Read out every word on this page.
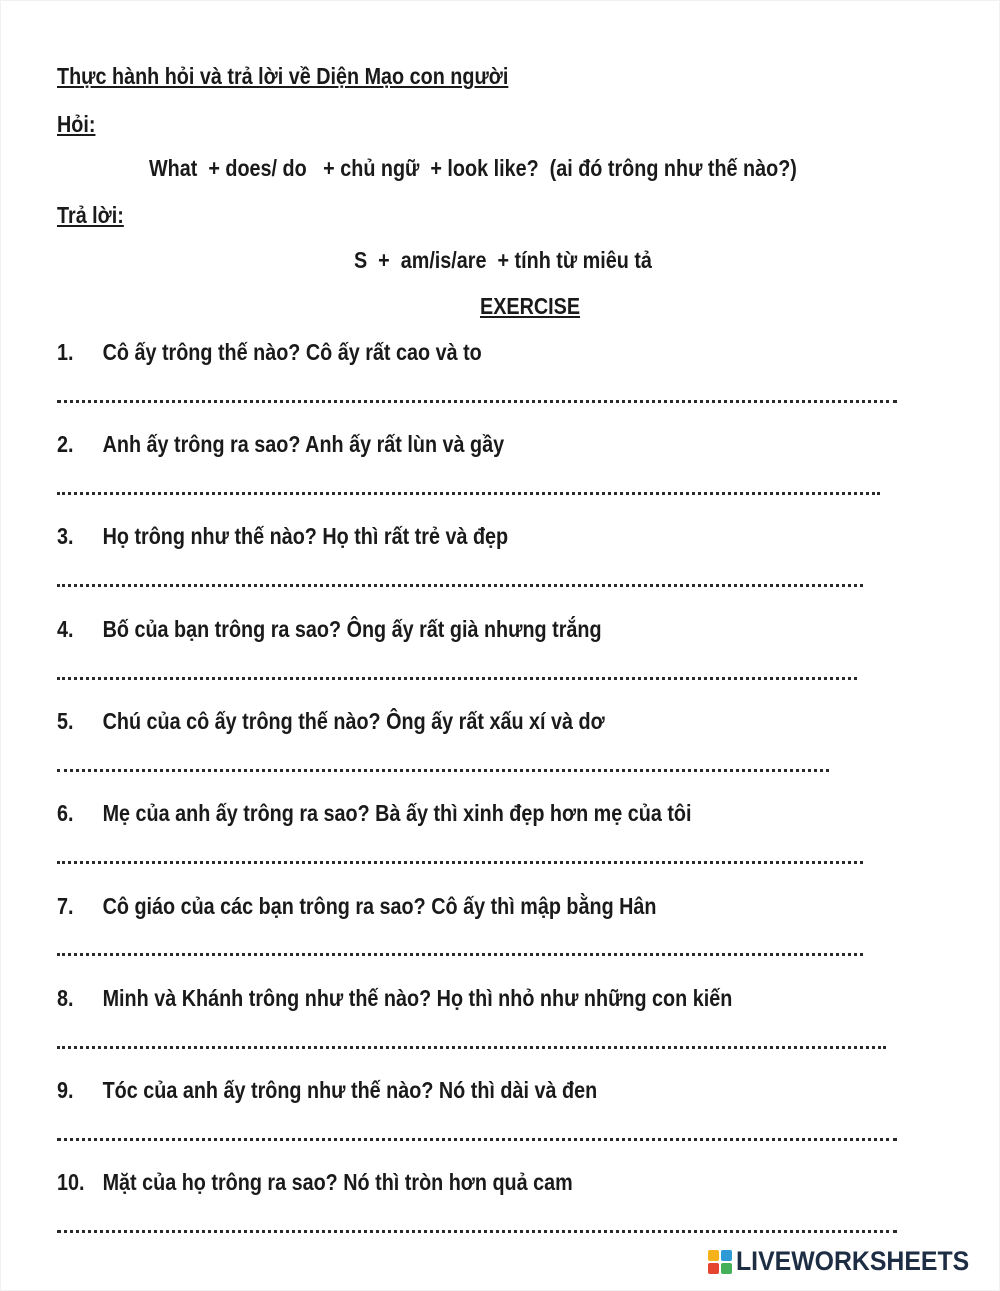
Thực hành hỏi và trả lời về Diện Mạo con người
Hỏi:
What  + does/ do   + chủ ngữ  + look like?  (ai đó trông như thế nào?)
Trả lời:
S  +  am/is/are  + tính từ miêu tả
EXERCISE
1. Cô ấy trông thế nào? Cô ấy rất cao và to
2. Anh ấy trông ra sao? Anh ấy rất lùn và gầy
3. Họ trông như thế nào? Họ thì rất trẻ và đẹp
4. Bố của bạn trông ra sao? Ông ấy rất già nhưng trắng
5. Chú của cô ấy trông thế nào? Ông ấy rất xấu xí và dơ
6. Mẹ của anh ấy trông ra sao? Bà ấy thì xinh đẹp hơn mẹ của tôi
7. Cô giáo của các bạn trông ra sao? Cô ấy thì mập bằng Hân
8. Minh và Khánh trông như thế nào? Họ thì nhỏ như những con kiến
9. Tóc của anh ấy trông như thế nào? Nó thì dài và đen
10. Mặt của họ trông ra sao? Nó thì tròn hơn quả cam
LIVEWORKSHEETS
